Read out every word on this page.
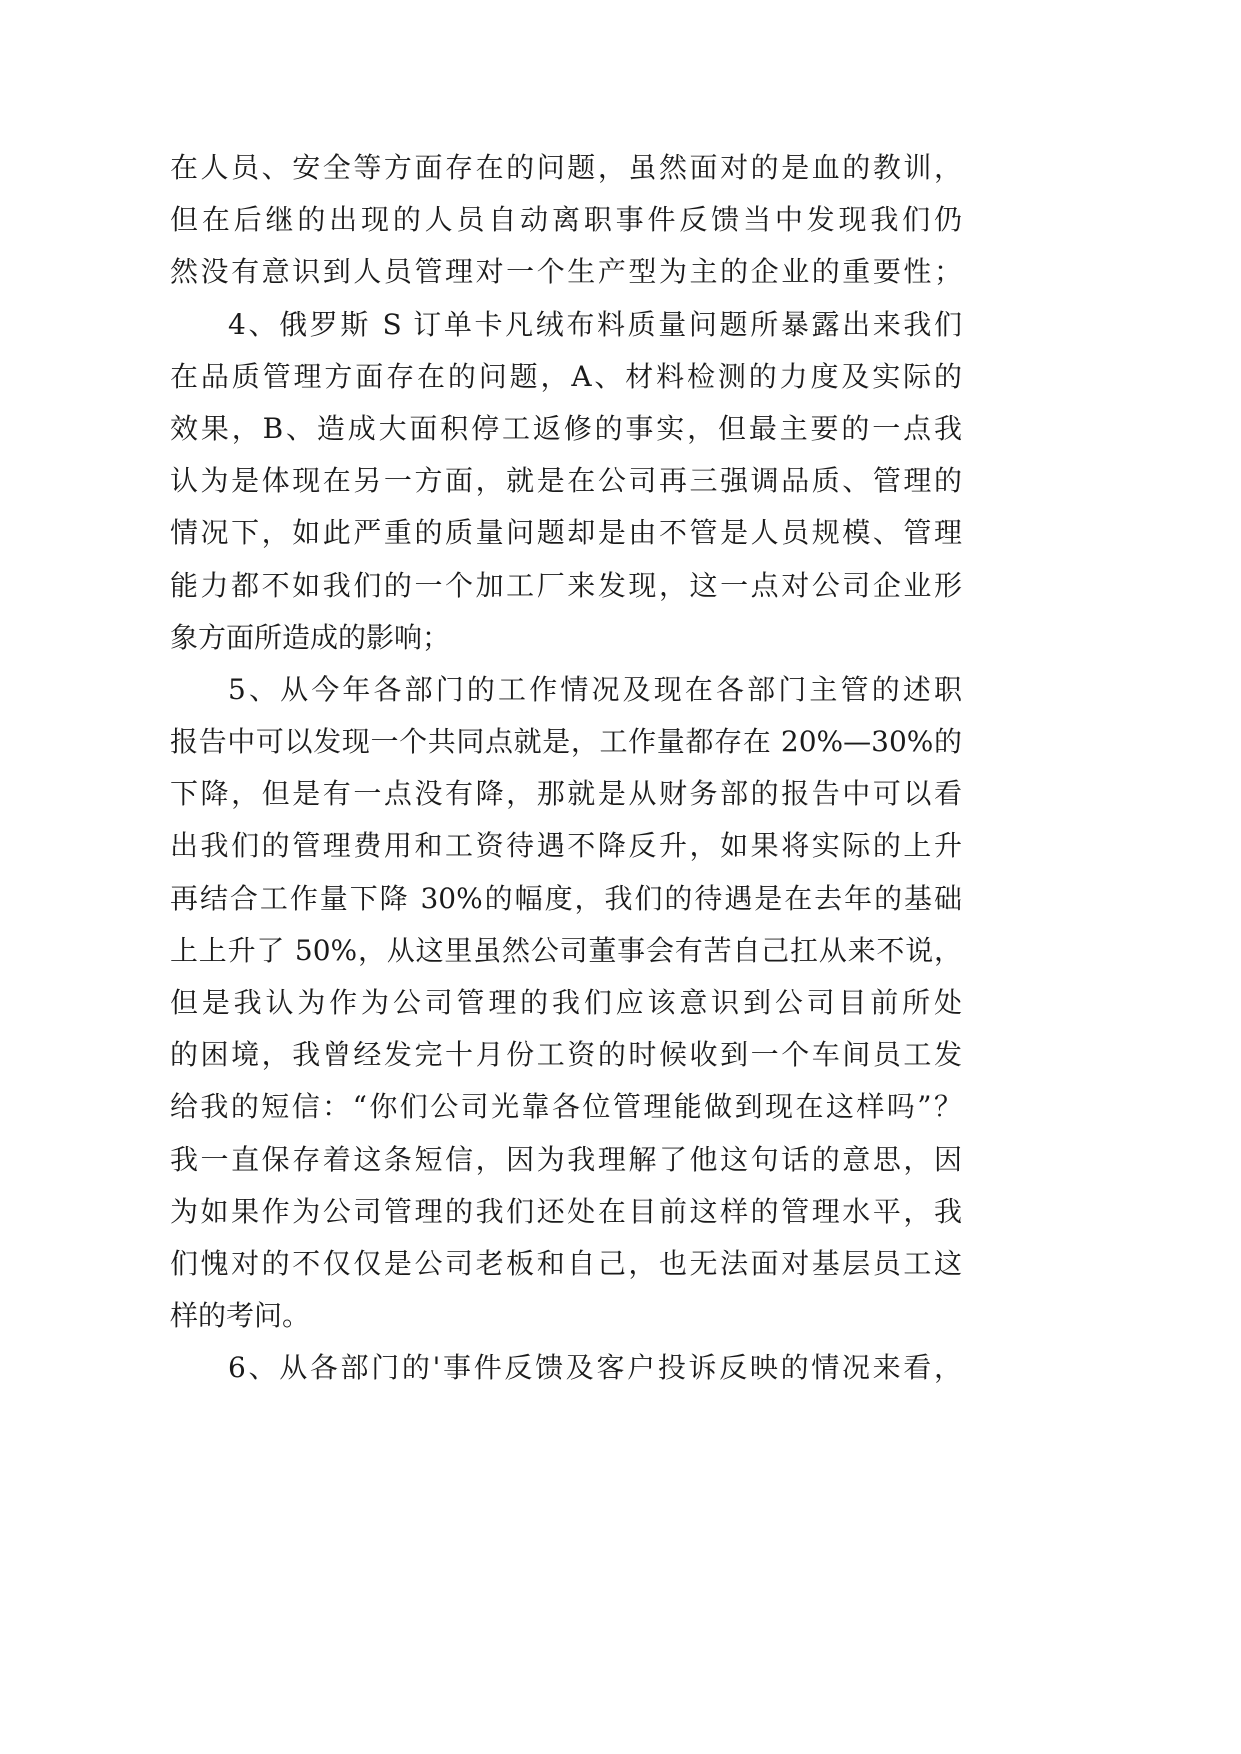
在人员、安全等方面存在的问题，虽然面对的是血的教训，
但在后继的出现的人员自动离职事件反馈当中发现我们仍
然没有意识到人员管理对一个生产型为主的企业的重要性；
4、俄罗斯 S 订单卡凡绒布料质量问题所暴露出来我们
在品质管理方面存在的问题，A、材料检测的力度及实际的
效果，B、造成大面积停工返修的事实，但最主要的一点我
认为是体现在另一方面，就是在公司再三强调品质、管理的
情况下，如此严重的质量问题却是由不管是人员规模、管理
能力都不如我们的一个加工厂来发现，这一点对公司企业形
象方面所造成的影响；
5、从今年各部门的工作情况及现在各部门主管的述职
报告中可以发现一个共同点就是，工作量都存在 20%—30%的
下降，但是有一点没有降，那就是从财务部的报告中可以看
出我们的管理费用和工资待遇不降反升，如果将实际的上升
再结合工作量下降 30%的幅度，我们的待遇是在去年的基础
上上升了 50%，从这里虽然公司董事会有苦自己扛从来不说，
但是我认为作为公司管理的我们应该意识到公司目前所处
的困境，我曾经发完十月份工资的时候收到一个车间员工发
给我的短信：“你们公司光靠各位管理能做到现在这样吗”？
我一直保存着这条短信，因为我理解了他这句话的意思，因
为如果作为公司管理的我们还处在目前这样的管理水平，我
们愧对的不仅仅是公司老板和自己，也无法面对基层员工这
样的考问。
6、从各部门的'事件反馈及客户投诉反映的情况来看，
